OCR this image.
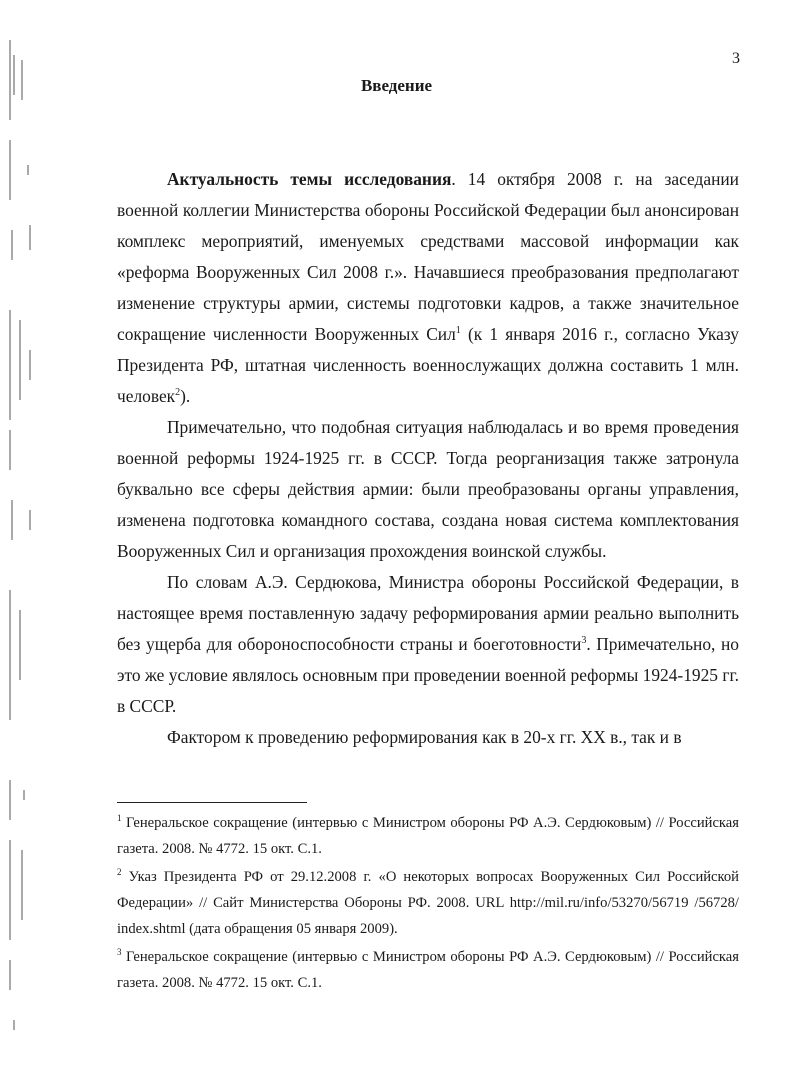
3
Введение

Актуальность темы исследования. 14 октября 2008 г. на заседании военной коллегии Министерства обороны Российской Федерации был анонсирован комплекс мероприятий, именуемых средствами массовой информации как «реформа Вооруженных Сил 2008 г.». Начавшиеся преобразования предполагают изменение структуры армии, системы подготовки кадров, а также значительное сокращение численности Вооруженных Сил$^1$ (к 1 января 2016 г., согласно Указу Президента РФ, штатная численность военнослужащих должна составить 1 млн. человек$^2$).

Примечательно, что подобная ситуация наблюдалась и во время проведения военной реформы 1924-1925 гг. в СССР. Тогда реорганизация также затронула буквально все сферы действия армии: были преобразованы органы управления, изменена подготовка командного состава, создана новая система комплектования Вооруженных Сил и организация прохождения воинской службы.

По словам А.Э. Сердюкова, Министра обороны Российской Федерации, в настоящее время поставленную задачу реформирования армии реально выполнить без ущерба для обороноспособности страны и боеготовности$^3$. Примечательно, но это же условие являлось основным при проведении военной реформы 1924-1925 гг. в СССР.

Фактором к проведению реформирования как в 20-х гг. XX в., так и в

$^1$ Генеральское сокращение (интервью с Министром обороны РФ А.Э. Сердюковым) // Российская газета. 2008. № 4772. 15 окт. С.1.

$^2$ Указ Президента РФ от 29.12.2008 г. «О некоторых вопросах Вооруженных Сил Российской Федерации» // Сайт Министерства Обороны РФ. 2008. URL http://mil.ru/info/53270/56719 /56728/ index.shtml (дата обращения 05 января 2009).

$^3$ Генеральское сокращение (интервью с Министром обороны РФ А.Э. Сердюковым) // Российская газета. 2008. № 4772. 15 окт. С.1.
